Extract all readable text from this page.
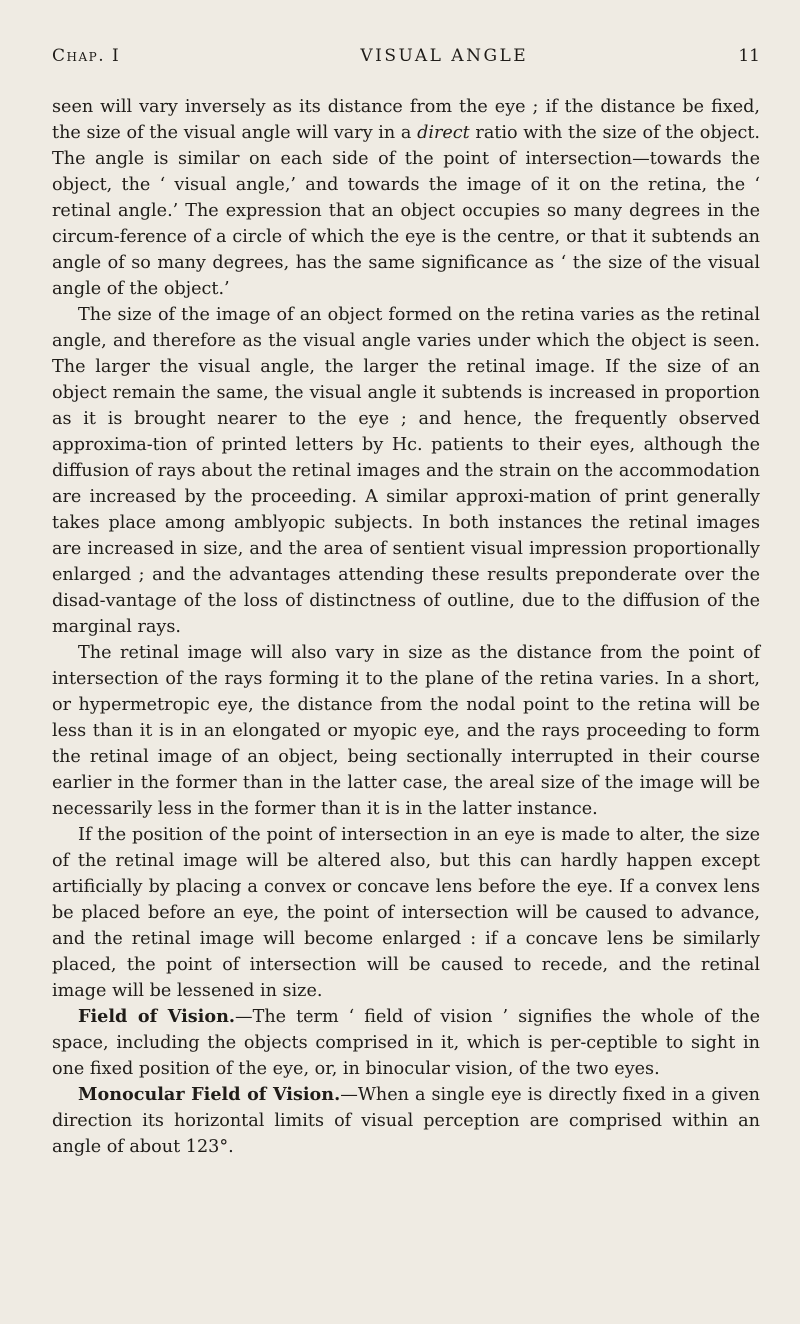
Chap. I	VISUAL ANGLE	11

seen will vary inversely as its distance from the eye ; if the distance be fixed, the size of the visual angle will vary in a direct ratio with the size of the object. The angle is similar on each side of the point of intersection—towards the object, the ‘ visual angle,’ and towards the image of it on the retina, the ‘ retinal angle.’ The expression that an object occupies so many degrees in the circum-ference of a circle of which the eye is the centre, or that it subtends an angle of so many degrees, has the same significance as ‘ the size of the visual angle of the object.’

The size of the image of an object formed on the retina varies as the retinal angle, and therefore as the visual angle varies under which the object is seen. The larger the visual angle, the larger the retinal image. If the size of an object remain the same, the visual angle it subtends is increased in proportion as it is brought nearer to the eye ; and hence, the frequently observed approxima-tion of printed letters by Hc. patients to their eyes, although the diffusion of rays about the retinal images and the strain on the accommodation are increased by the proceeding. A similar approxi-mation of print generally takes place among amblyopic subjects. In both instances the retinal images are increased in size, and the area of sentient visual impression proportionally enlarged ; and the advantages attending these results preponderate over the disad-vantage of the loss of distinctness of outline, due to the diffusion of the marginal rays.

The retinal image will also vary in size as the distance from the point of intersection of the rays forming it to the plane of the retina varies. In a short, or hypermetropic eye, the distance from the nodal point to the retina will be less than it is in an elongated or myopic eye, and the rays proceeding to form the retinal image of an object, being sectionally interrupted in their course earlier in the former than in the latter case, the areal size of the image will be necessarily less in the former than it is in the latter instance.

If the position of the point of intersection in an eye is made to alter, the size of the retinal image will be altered also, but this can hardly happen except artificially by placing a convex or concave lens before the eye. If a convex lens be placed before an eye, the point of intersection will be caused to advance, and the retinal image will become enlarged : if a concave lens be similarly placed, the point of intersection will be caused to recede, and the retinal image will be lessened in size.

Field of Vision.—The term ‘ field of vision ’ signifies the whole of the space, including the objects comprised in it, which is per-ceptible to sight in one fixed position of the eye, or, in binocular vision, of the two eyes.

Monocular Field of Vision.—When a single eye is directly fixed in a given direction its horizontal limits of visual perception are comprised within an angle of about 123°.
